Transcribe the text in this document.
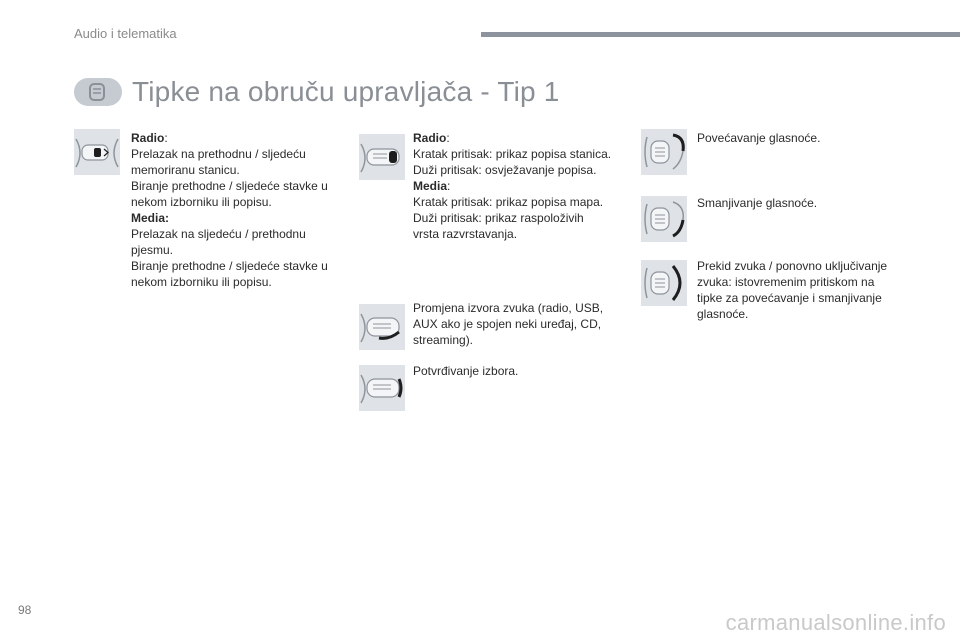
Audio i telematika
Tipke na obruču upravljača - Tip 1

Radio:

Prelazak na prethodnu / sljedeću

memoriranu stanicu.

Biranje prethodne / sljedeće stavke u

nekom izborniku ili popisu.

Media:

Prelazak na sljedeću / prethodnu

pjesmu.

Biranje prethodne / sljedeće stavke u

nekom izborniku ili popisu.

Radio:

Kratak pritisak: prikaz popisa stanica.

Duži pritisak: osvježavanje popisa.

Media:

Kratak pritisak: prikaz popisa mapa.

Duži pritisak: prikaz raspoloživih

vrsta razvrstavanja.

Promjena izvora zvuka (radio, USB,

AUX ako je spojen neki uređaj, CD,

streaming).

Potvrđivanje izbora.

Povećavanje glasnoće.

Smanjivanje glasnoće.

Prekid zvuka / ponovno uključivanje

zvuka: istovremenim pritiskom na

tipke za povećavanje i smanjivanje

glasnoće.

98	carmanualsonline.info
